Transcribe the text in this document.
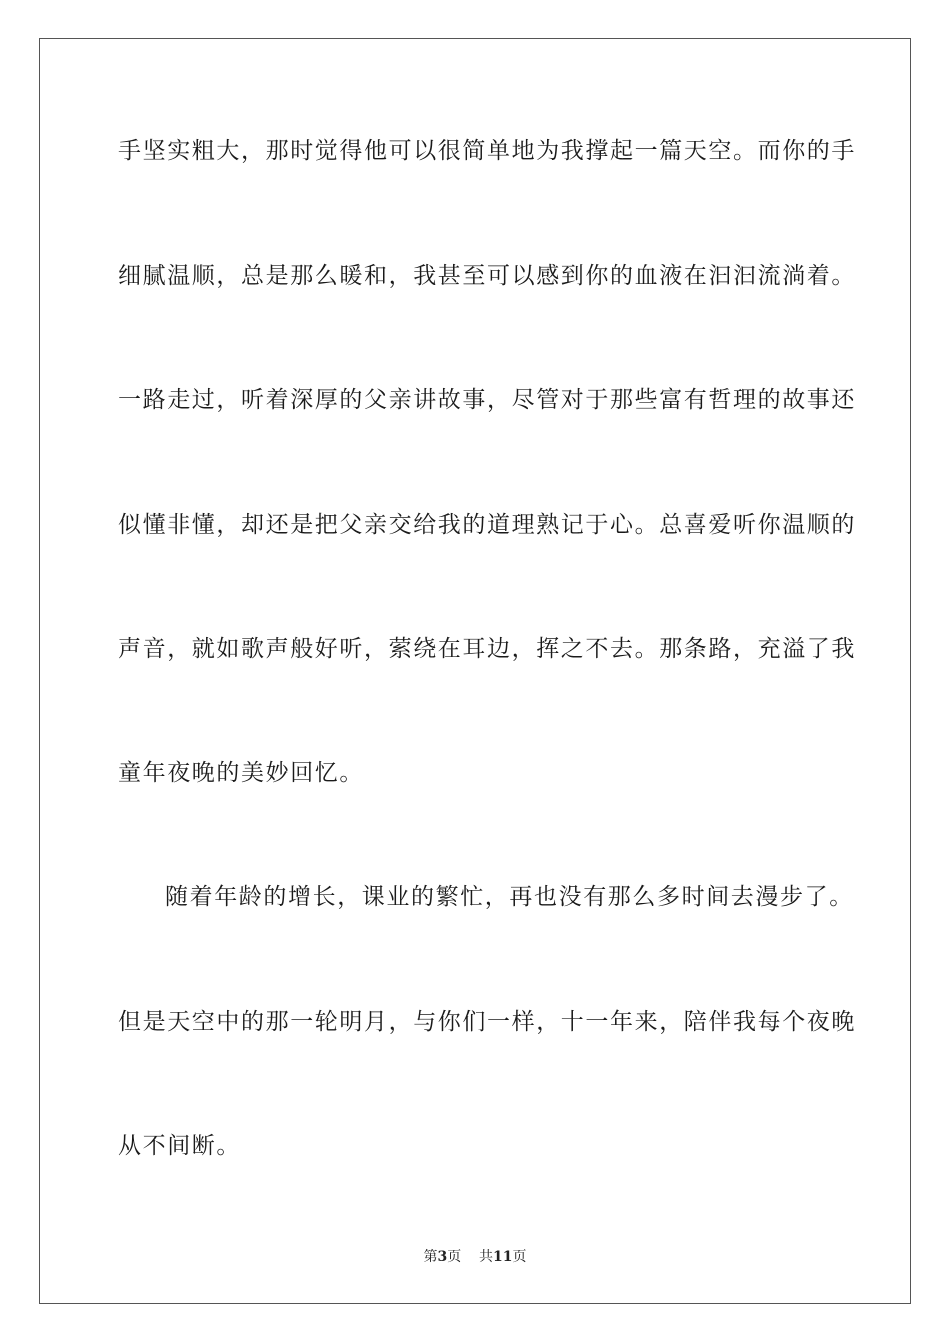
手坚实粗大，那时觉得他可以很简单地为我撑起一篇天空。而你的手
细腻温顺，总是那么暖和，我甚至可以感到你的血液在汩汩流淌着。
一路走过，听着深厚的父亲讲故事，尽管对于那些富有哲理的故事还
似懂非懂，却还是把父亲交给我的道理熟记于心。总喜爱听你温顺的
声音，就如歌声般好听，萦绕在耳边，挥之不去。那条路，充溢了我
童年夜晚的美妙回忆。
随着年龄的增长，课业的繁忙，再也没有那么多时间去漫步了。
但是天空中的那一轮明月，与你们一样，十一年来，陪伴我每个夜晚
从不间断。
第3页 共11页
